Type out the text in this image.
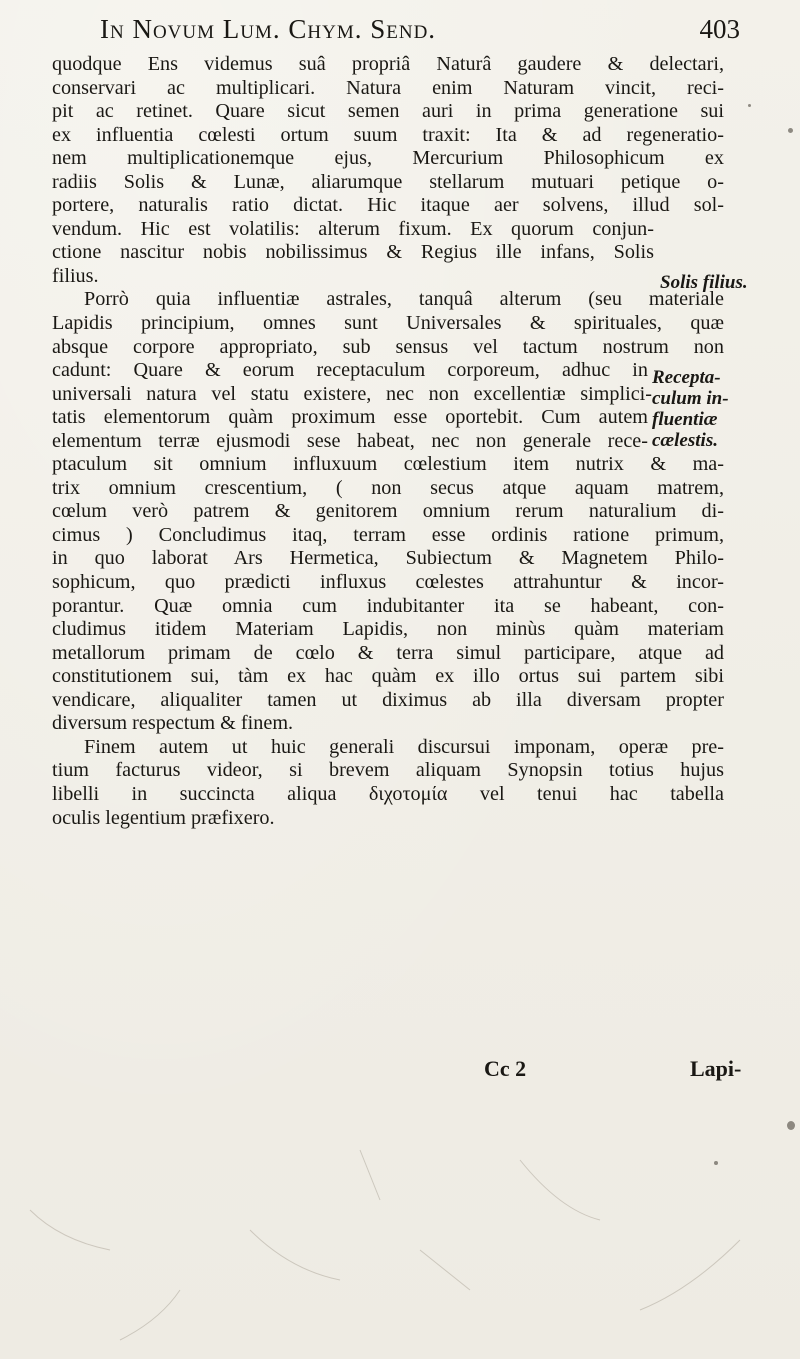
In Novum Lum. Chym. Send.	403
quodque Ens videmus suâ propriâ Naturâ gaudere & delectari,
conservari ac multiplicari. Natura enim Naturam vincit, reci-
pit ac retinet. Quare sicut semen auri in prima generatione sui
ex influentia cœlesti ortum suum traxit: Ita & ad regeneratio-
nem multiplicationemque ejus, Mercurium Philosophicum ex
radiis Solis & Lunæ, aliarumque stellarum mutuari petique o-
portere, naturalis ratio dictat. Hic itaque aer solvens, illud sol-
vendum. Hic est volatilis: alterum fixum. Ex quorum conjun-
ctione nascitur nobis nobilissimus & Regius ille infans, Solis
filius.
Porrò quia influentiæ astrales, tanquâ alterum (seu materiale
Lapidis principium, omnes sunt Universales & spirituales, quæ
absque corpore appropriato, sub sensus vel tactum nostrum non
cadunt: Quare & eorum receptaculum corporeum, adhuc in
universali natura vel statu existere, nec non excellentiæ simplici-
tatis elementorum quàm proximum esse oportebit. Cum autem
elementum terræ ejusmodi sese habeat, nec non generale rece-
ptaculum sit omnium influxuum cœlestium item nutrix & ma-
trix omnium crescentium, ( non secus atque aquam matrem,
cœlum verò patrem & genitorem omnium rerum naturalium di-
cimus ) Concludimus itaq, terram esse ordinis ratione primum,
in quo laborat Ars Hermetica, Subiectum & Magnetem Philo-
sophicum, quo prædicti influxus cœlestes attrahuntur & incor-
porantur. Quæ omnia cum indubitanter ita se habeant, con-
cludimus itidem Materiam Lapidis, non minùs quàm materiam
metallorum primam de cœlo & terra simul participare, atque ad
constitutionem sui, tàm ex hac quàm ex illo ortus sui partem sibi
vendicare, aliqualiter tamen ut diximus ab illa diversam propter
diversum respectum & finem.
Finem autem ut huic generali discursui imponam, operæ pre-
tium facturus videor, si brevem aliquam Synopsin totius hujus
libelli in succincta aliqua διχοτομία vel tenui hac tabella
oculis legentium præfixero.
Solis filius.
Recepta-
culum in-
fluentiæ
cælestis.
Cc 2	Lapi-
